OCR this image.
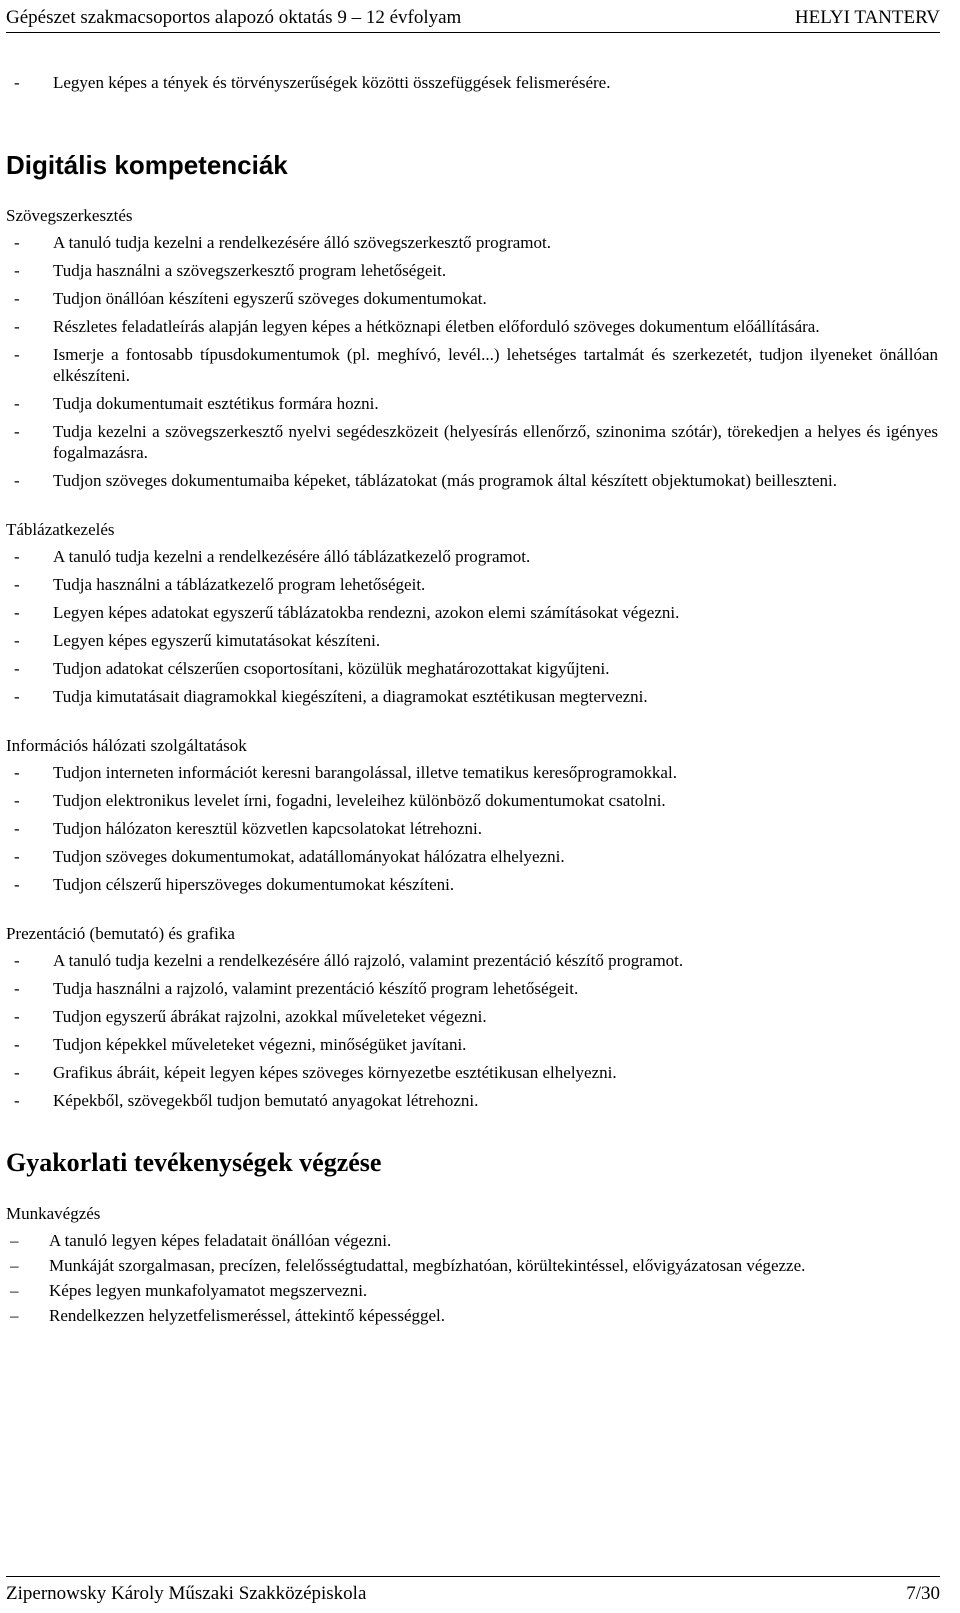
Gépészet szakmacsoportos alapozó oktatás 9 – 12 évfolyam	HELYI TANTERV
- Legyen képes a tények és törvényszerűségek közötti összefüggések felismerésére.
Digitális kompetenciák

Szövegszerkesztés

- A tanuló tudja kezelni a rendelkezésére álló szövegszerkesztő programot.
- Tudja használni a szövegszerkesztő program lehetőségeit.
- Tudjon önállóan készíteni egyszerű szöveges dokumentumokat.
- Részletes feladatleírás alapján legyen képes a hétköznapi életben előforduló szöveges dokumentum előállítására.
- Ismerje a fontosabb típusdokumentumok (pl. meghívó, levél...) lehetséges tartalmát és szerkezetét, tudjon ilyeneket önállóan elkészíteni.
- Tudja dokumentumait esztétikus formára hozni.
- Tudja kezelni a szövegszerkesztő nyelvi segédeszközeit (helyesírás ellenőrző, szinonima szótár), törekedjen a helyes és igényes fogalmazásra.
- Tudjon szöveges dokumentumaiba képeket, táblázatokat (más programok által készített objektumokat) beilleszteni.

Táblázatkezelés

- A tanuló tudja kezelni a rendelkezésére álló táblázatkezelő programot.
- Tudja használni a táblázatkezelő program lehetőségeit.
- Legyen képes adatokat egyszerű táblázatokba rendezni, azokon elemi számításokat végezni.
- Legyen képes egyszerű kimutatásokat készíteni.
- Tudjon adatokat célszerűen csoportosítani, közülük meghatározottakat kigyűjteni.
- Tudja kimutatásait diagramokkal kiegészíteni, a diagramokat esztétikusan megtervezni.

Információs hálózati szolgáltatások

- Tudjon interneten információt keresni barangolással, illetve tematikus keresőprogramokkal.
- Tudjon elektronikus levelet írni, fogadni, leveleihez különböző dokumentumokat csatolni.
- Tudjon hálózaton keresztül közvetlen kapcsolatokat létrehozni.
- Tudjon szöveges dokumentumokat, adatállományokat hálózatra elhelyezni.
- Tudjon célszerű hiperszöveges dokumentumokat készíteni.

Prezentáció (bemutató) és grafika

- A tanuló tudja kezelni a rendelkezésére álló rajzoló, valamint prezentáció készítő programot.
- Tudja használni a rajzoló, valamint prezentáció készítő program lehetőségeit.
- Tudjon egyszerű ábrákat rajzolni, azokkal műveleteket végezni.
- Tudjon képekkel műveleteket végezni, minőségüket javítani.
- Grafikus ábráit, képeit legyen képes szöveges környezetbe esztétikusan elhelyezni.
- Képekből, szövegekből tudjon bemutató anyagokat létrehozni.
Gyakorlati tevékenységek végzése

Munkavégzés

– A tanuló legyen képes feladatait önállóan végezni.
– Munkáját szorgalmasan, precízen, felelősségtudattal, megbízhatóan, körültekintéssel, elővigyázatosan végezze.
– Képes legyen munkafolyamatot megszervezni.
– Rendelkezzen helyzetfelismeréssel, áttekintő képességgel.
Zipernowsky Károly Műszaki Szakközépiskola	7/30
